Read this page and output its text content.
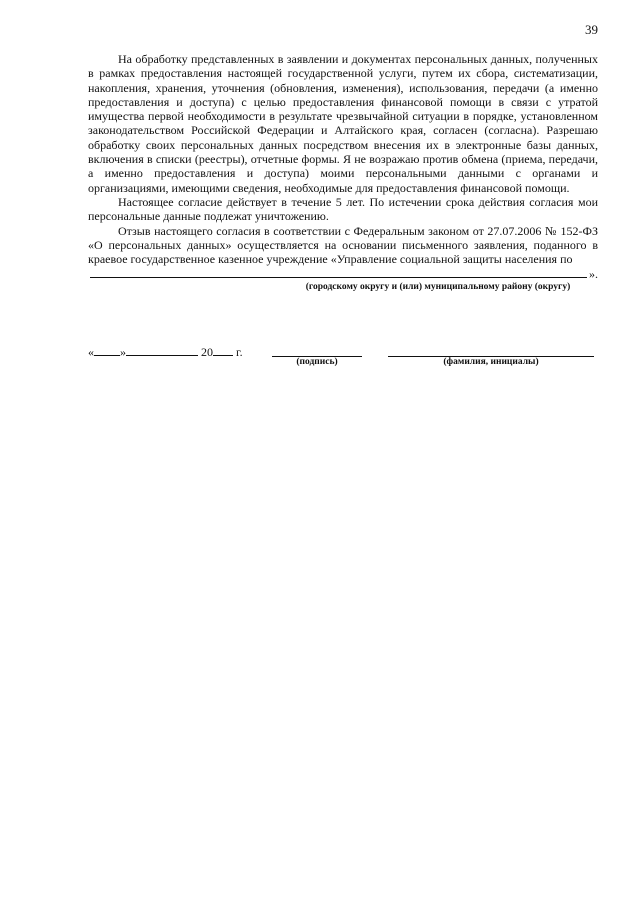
39

На обработку представленных в заявлении и документах персональных данных, полученных в рамках предоставления настоящей государственной услуги, путем их сбора, систематизации, накопления, хранения, уточнения (обновления, изменения), использования, передачи (а именно предоставления и доступа) с целью предоставления финансовой помощи в связи с утратой имущества первой необходимости в результате чрезвычайной ситуации в порядке, установленном законодательством Российской Федерации и Алтайского края, согласен (согласна). Разрешаю обработку своих персональных данных посредством внесения их в электронные базы данных, включения в списки (реестры), отчетные формы. Я не возражаю против обмена (приема, передачи, а именно предоставления и доступа) моими персональными данными с органами и организациями, имеющими сведения, необходимые для предоставления финансовой помощи.

Настоящее согласие действует в течение 5 лет. По истечении срока действия согласия мои персональные данные подлежат уничтожению.

Отзыв настоящего согласия в соответствии с Федеральным законом от 27.07.2006 № 152-ФЗ «О персональных данных» осуществляется на основании письменного заявления, поданного в краевое государственное казенное учреждение «Управление социальной защиты населения по

».
(городскому округу и (или) муниципальному району (округу)
« »	20 г.
(подпись)	(фамилия, инициалы)
